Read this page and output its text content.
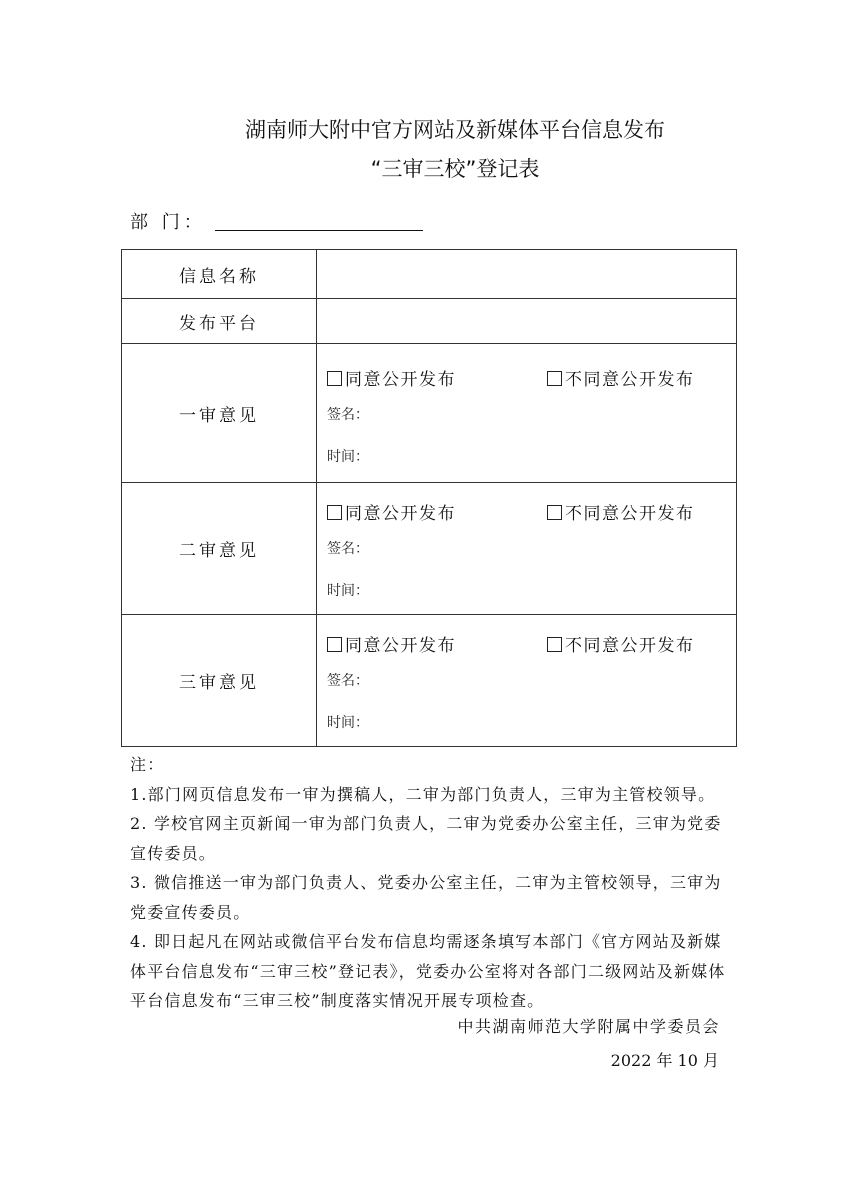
湖南师大附中官方网站及新媒体平台信息发布
“三审三校”登记表
部 门：
信息名称	
发布平台	
一审意见	同意公开发布 不同意公开发布
签名：
时间：

二审意见	同意公开发布 不同意公开发布
签名：
时间：

三审意见	同意公开发布 不同意公开发布
签名：
时间：
注：
1.部门网页信息发布一审为撰稿人，二审为部门负责人，三审为主管校领导。
2. 学校官网主页新闻一审为部门负责人，二审为党委办公室主任，三审为党委宣传委员。
3. 微信推送一审为部门负责人、党委办公室主任，二审为主管校领导，三审为党委宣传委员。
4. 即日起凡在网站或微信平台发布信息均需逐条填写本部门《官方网站及新媒体平台信息发布“三审三校”登记表》，党委办公室将对各部门二级网站及新媒体平台信息发布“三审三校”制度落实情况开展专项检查。
中共湖南师范大学附属中学委员会
2022 年 10 月
